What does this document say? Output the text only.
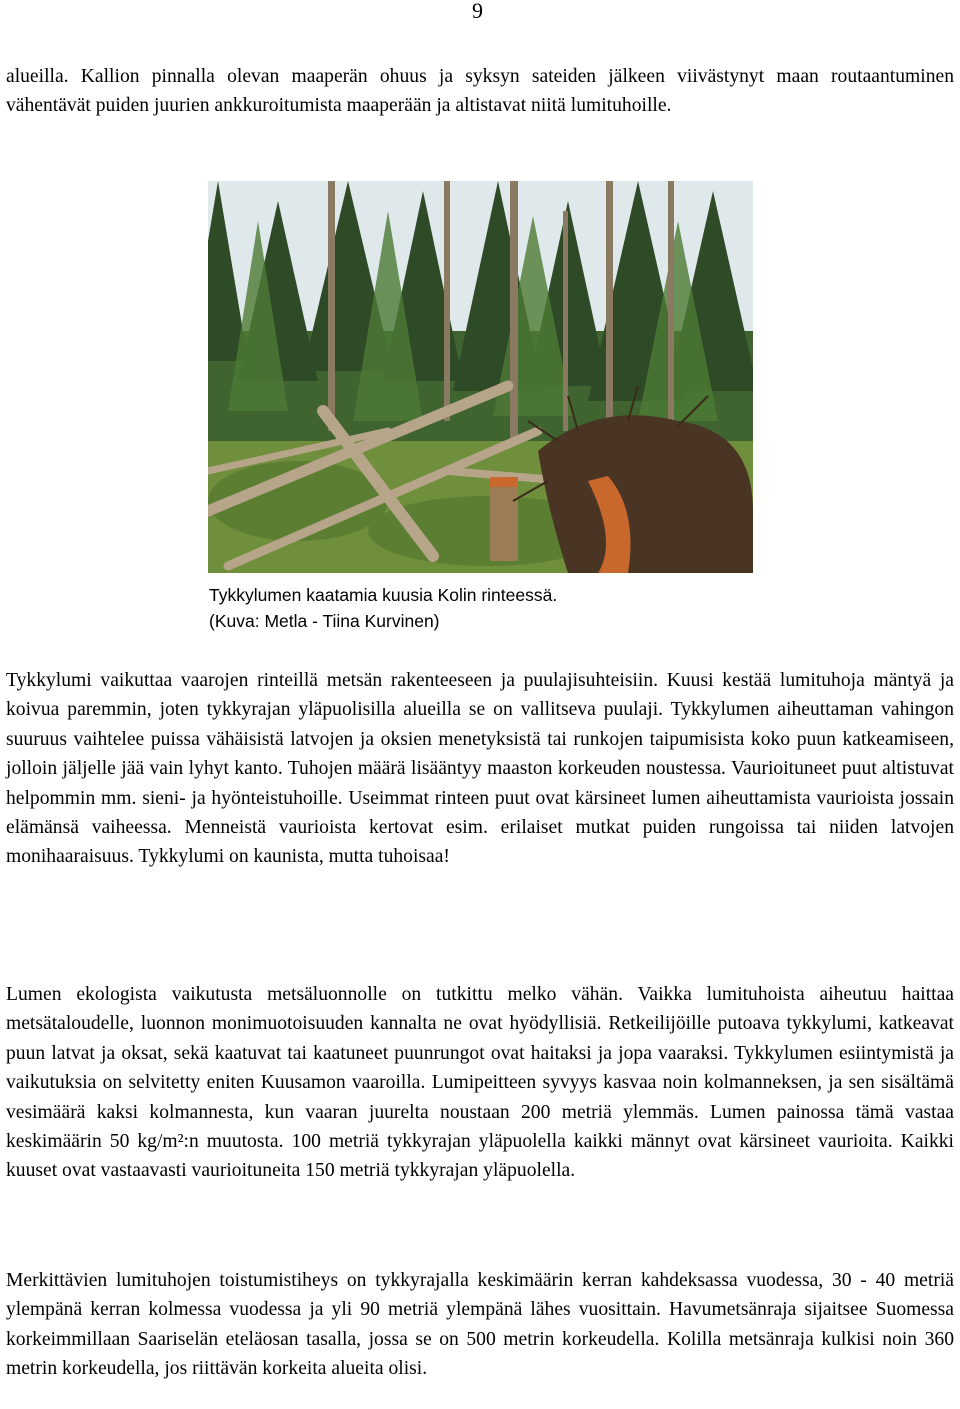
9

alueilla. Kallion pinnalla olevan maaperän ohuus ja syksyn sateiden jälkeen viivästynyt maan routaantuminen vähentävät puiden juurien ankkuroitumista maaperään ja altistavat niitä lumituhoille.

Tykkylumen kaatamia kuusia Kolin rinteessä.
(Kuva: Metla - Tiina Kurvinen)

Tykkylumi vaikuttaa vaarojen rinteillä metsän rakenteeseen ja puulajisuhteisiin. Kuusi kestää lumituhoja mäntyä ja koivua paremmin, joten tykkyrajan yläpuolisilla alueilla se on vallitseva puulaji. Tykkylumen aiheuttaman vahingon suuruus vaihtelee puissa vähäisistä latvojen ja oksien menetyksistä tai runkojen taipumisista koko puun katkeamiseen, jolloin jäljelle jää vain lyhyt kanto. Tuhojen määrä lisääntyy maaston korkeuden noustessa. Vaurioituneet puut altistuvat helpommin mm. sieni- ja hyönteistuhoille. Useimmat rinteen puut ovat kärsineet lumen aiheuttamista vaurioista jossain elämänsä vaiheessa. Menneistä vaurioista kertovat esim. erilaiset mutkat puiden rungoissa tai niiden latvojen monihaaraisuus. Tykkylumi on kaunista, mutta tuhoisaa!

Lumen ekologista vaikutusta metsäluonnolle on tutkittu melko vähän. Vaikka lumituhoista aiheutuu haittaa metsätaloudelle, luonnon monimuotoisuuden kannalta ne ovat hyödyllisiä. Retkeilijöille putoava tykkylumi, katkeavat puun latvat ja oksat, sekä kaatuvat tai kaatuneet puunrungot ovat haitaksi ja jopa vaaraksi. Tykkylumen esiintymistä ja vaikutuksia on selvitetty eniten Kuusamon vaaroilla. Lumipeitteen syvyys kasvaa noin kolmanneksen, ja sen sisältämä vesimäärä kaksi kolmannesta, kun vaaran juurelta noustaan 200 metriä ylemmäs. Lumen painossa tämä vastaa keskimäärin 50 kg/m²:n muutosta. 100 metriä tykkyrajan yläpuolella kaikki männyt ovat kärsineet vaurioita. Kaikki kuuset ovat vastaavasti vaurioituneita 150 metriä tykkyrajan yläpuolella.

Merkittävien lumituhojen toistumistiheys on tykkyrajalla keskimäärin kerran kahdeksassa vuodessa, 30 - 40 metriä ylempänä kerran kolmessa vuodessa ja yli 90 metriä ylempänä lähes vuosittain. Havumetsänraja sijaitsee Suomessa korkeimmillaan Saariselän eteläosan tasalla, jossa se on 500 metrin korkeudella. Kolilla metsänraja kulkisi noin 360 metrin korkeudella, jos riittävän korkeita alueita olisi.
